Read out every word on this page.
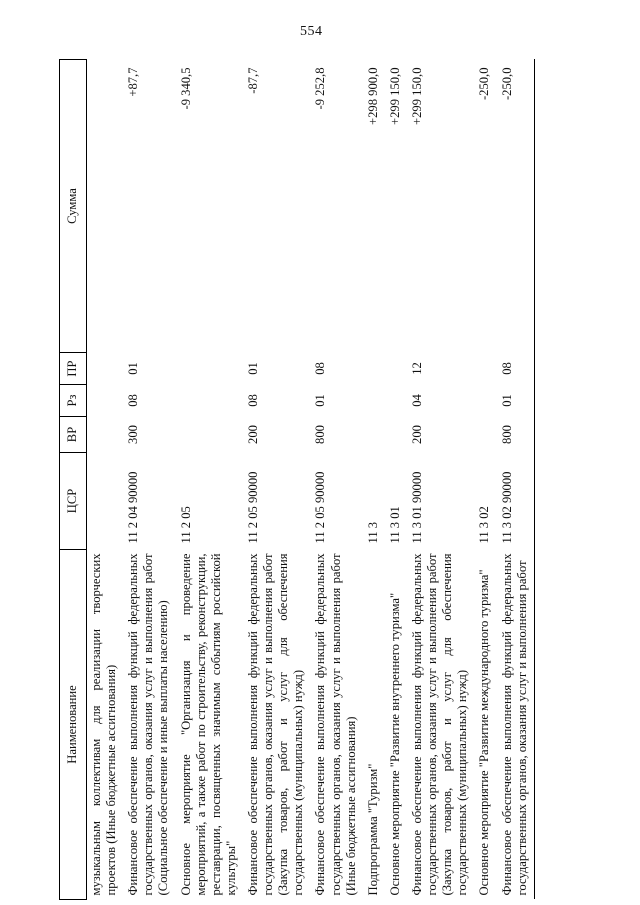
554
Наименование	ЦСР	ВР	Рз	ПР	Сумма
музыкальным коллективам для реализации творческих проектов (Иные бюджетные ассигнования)					
Финансовое обеспечение выполнения функций федеральных государственных органов, оказания услуг и выполнения работ (Социальное обеспечение и иные выплаты населению)	11 2 04 90000	300	08	01	+87,7
Основное мероприятие "Организация и проведение мероприятий, а также работ по строительству, реконструкции, реставрации, посвященных значимым событиям российской культуры"	11 2 05				-9 340,5
Финансовое обеспечение выполнения функций федеральных государственных органов, оказания услуг и выполнения работ (Закупка товаров, работ и услуг для обеспечения государственных (муниципальных) нужд)	11 2 05 90000	200	08	01	-87,7
Финансовое обеспечение выполнения функций федеральных государственных органов, оказания услуг и выполнения работ (Иные бюджетные ассигнования)	11 2 05 90000	800	01	08	-9 252,8
Подпрограмма "Туризм"	11 3				+298 900,0
Основное мероприятие "Развитие внутреннего туризма"	11 3 01				+299 150,0
Финансовое обеспечение выполнения функций федеральных государственных органов, оказания услуг и выполнения работ (Закупка товаров, работ и услуг для обеспечения государственных (муниципальных) нужд)	11 3 01 90000	200	04	12	+299 150,0
Основное мероприятие "Развитие международного туризма"	11 3 02				-250,0
Финансовое обеспечение выполнения функций федеральных государственных органов, оказания услуг и выполнения работ	11 3 02 90000	800	01	08	-250,0
